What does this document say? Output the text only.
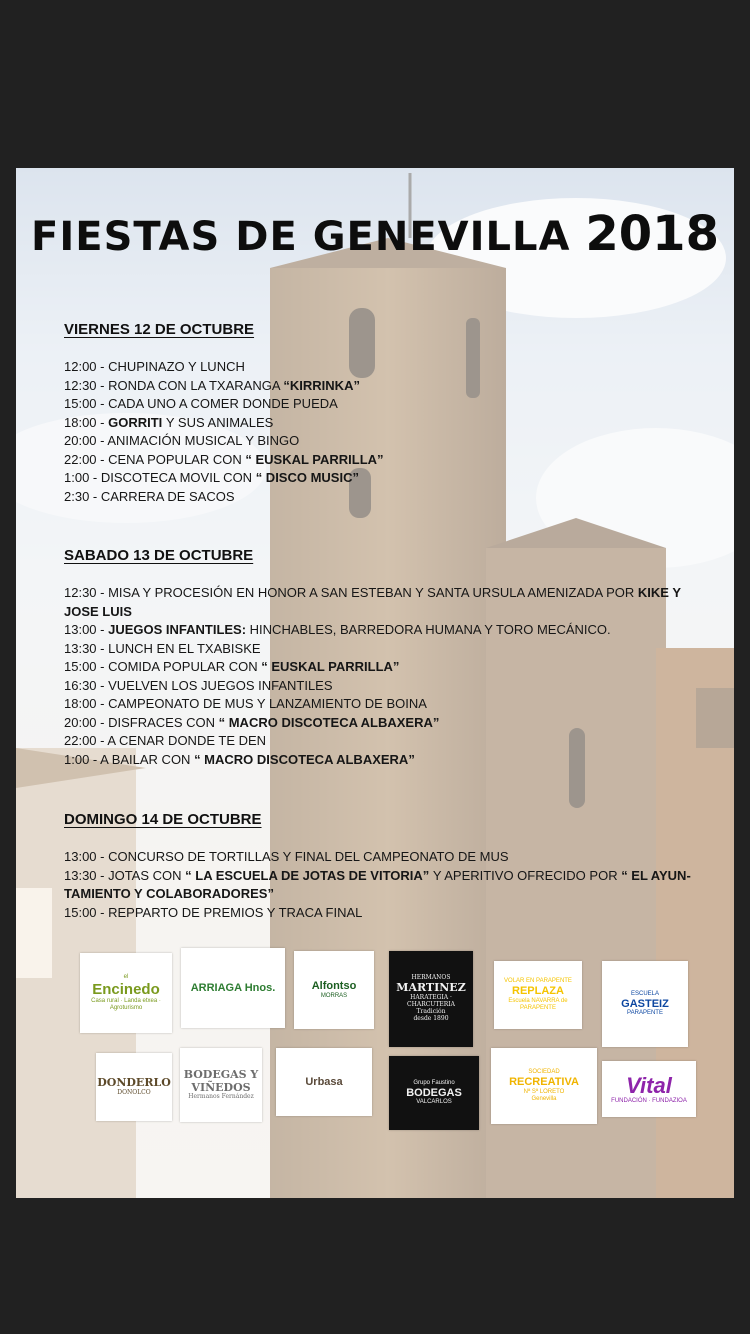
FIESTAS DE GENEVILLA 2018
VIERNES 12 DE OCTUBRE
12:00 - CHUPINAZO Y LUNCH
12:30 - RONDA CON LA TXARANGA “KIRRINKA”
15:00 - CADA UNO A COMER DONDE PUEDA
18:00 - GORRITI Y SUS ANIMALES
20:00 - ANIMACIÓN MUSICAL Y BINGO
22:00 - CENA POPULAR CON “ EUSKAL PARRILLA”
1:00 - DISCOTECA MOVIL CON “ DISCO MUSIC”
2:30 - CARRERA DE SACOS
SABADO 13 DE OCTUBRE
12:30 - MISA Y PROCESIÓN EN HONOR A SAN ESTEBAN Y SANTA URSULA AMENIZADA POR KIKE Y JOSE LUIS
13:00 - JUEGOS INFANTILES: HINCHABLES, BARREDORA HUMANA Y TORO MECÁNICO.
13:30 - LUNCH EN EL TXABISKE
15:00 - COMIDA POPULAR CON “ EUSKAL PARRILLA”
16:30 - VUELVEN LOS JUEGOS INFANTILES
18:00 - CAMPEONATO DE MUS Y LANZAMIENTO DE BOINA
20:00 - DISFRACES CON “ MACRO DISCOTECA ALBAXERA”
22:00 - A CENAR DONDE TE DEN
1:00 - A BAILAR CON “ MACRO DISCOTECA ALBAXERA”
DOMINGO 14 DE OCTUBRE
13:00 - CONCURSO DE TORTILLAS Y FINAL DEL CAMPEONATO DE MUS
13:30 - JOTAS CON “ LA ESCUELA DE JOTAS DE VITORIA” Y APERITIVO OFRECIDO POR “ EL AYUN-TAMIENTO Y COLABORADORES”
15:00 - REPPARTO DE PREMIOS Y TRACA FINAL
el
Encinedo
Casa rural · Landa etxea · Agroturismo
ARRIAGA Hnos.	Alfontso
MORRAS
HERMANOS
MARTINEZ
HARATEGIA · CHARCUTERIA
Tradición
desde 1890
VOLAR EN PARAPENTE
REPLAZA
Escuela NAVARRA de PARAPENTE
ESCUELA
GASTEIZ
PARAPENTE
DONDERLO
DONOLCO
BODEGAS Y VIÑEDOS
Hermanos Fernández
Urbasa	Grupo Faustino
BODEGAS
VALCARLOS
SOCIEDAD
RECREATIVA
Nª Sª LORETO
Genevilla
Vital
FUNDACIÓN · FUNDAZIOA
